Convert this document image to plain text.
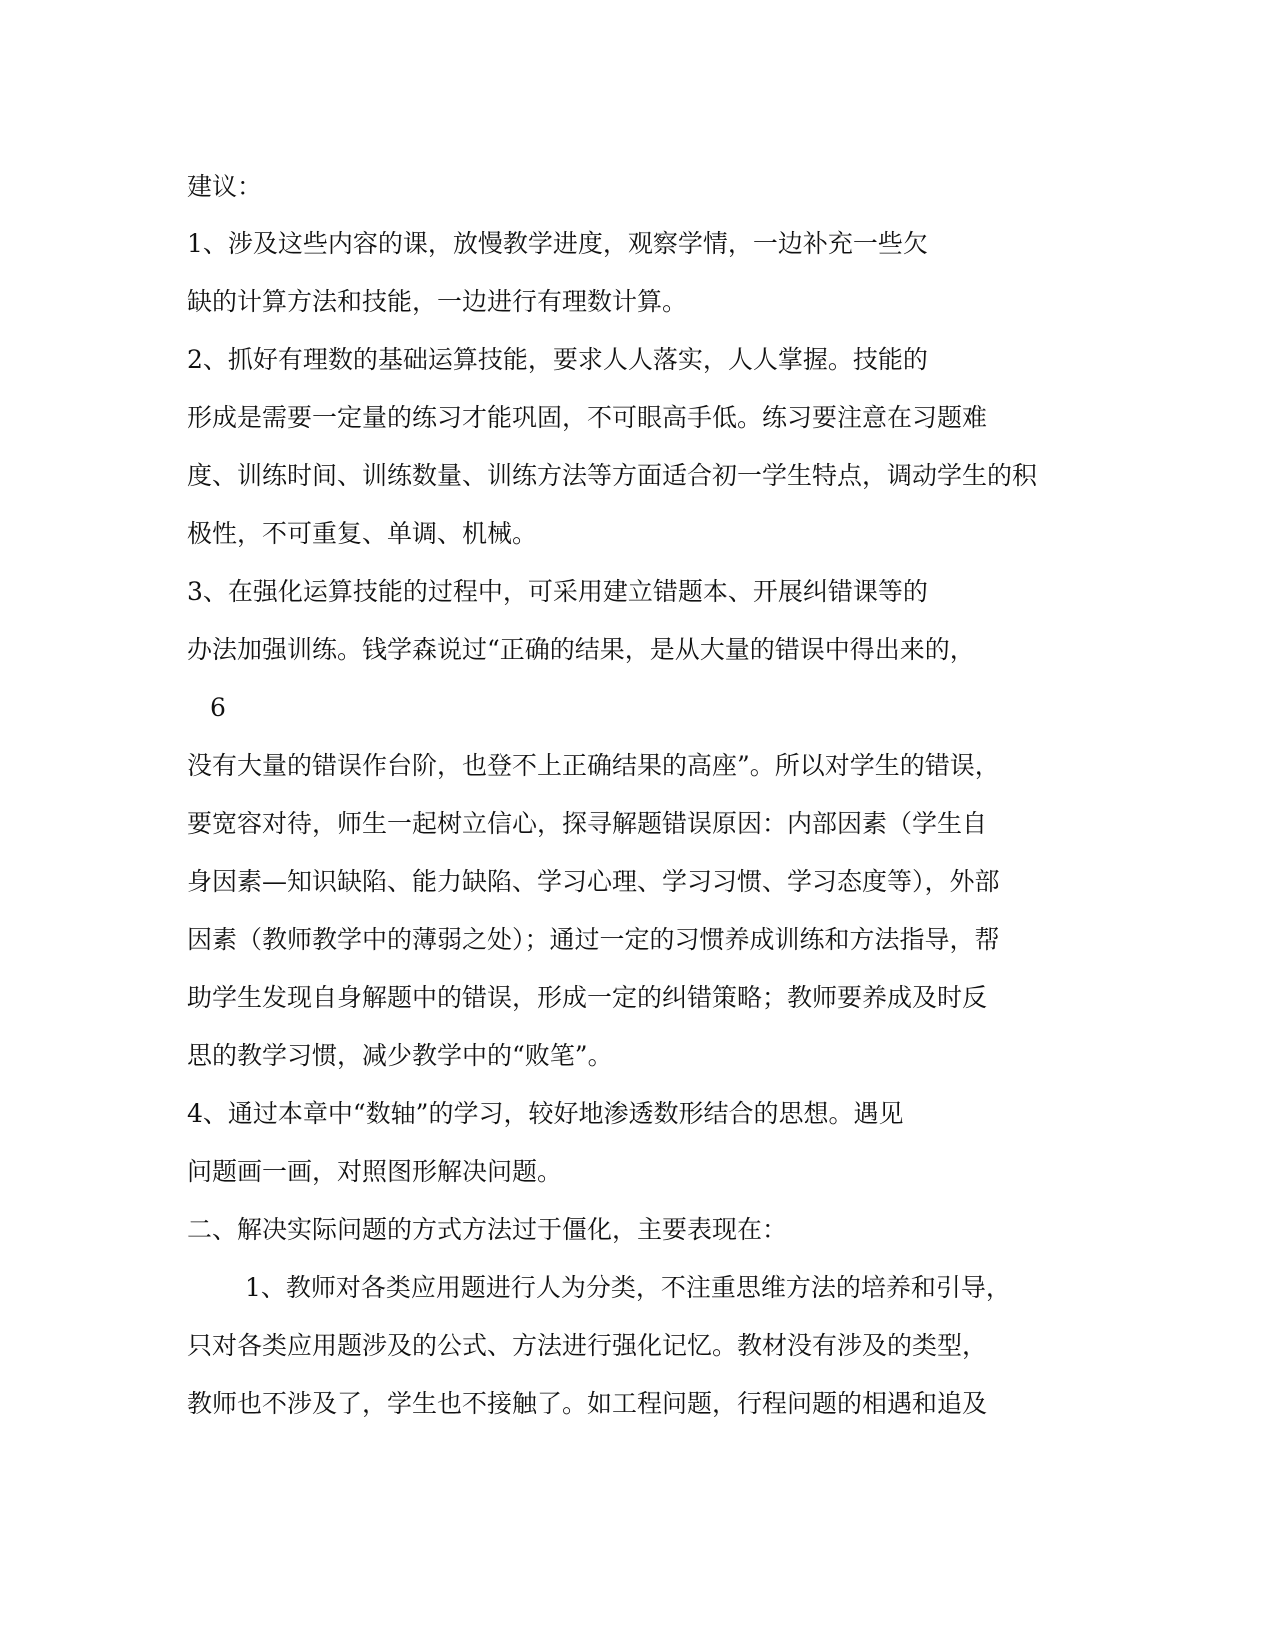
建议：
1、涉及这些内容的课，放慢教学进度，观察学情，一边补充一些欠
缺的计算方法和技能，一边进行有理数计算。
2、抓好有理数的基础运算技能，要求人人落实，人人掌握。技能的
形成是需要一定量的练习才能巩固，不可眼高手低。练习要注意在习题难
度、训练时间、训练数量、训练方法等方面适合初一学生特点，调动学生的积
极性，不可重复、单调、机械。
3、在强化运算技能的过程中，可采用建立错题本、开展纠错课等的
办法加强训练。钱学森说过“正确的结果，是从大量的错误中得出来的，
6
没有大量的错误作台阶，也登不上正确结果的高座”。所以对学生的错误，
要宽容对待，师生一起树立信心，探寻解题错误原因：内部因素（学生自
身因素—知识缺陷、能力缺陷、学习心理、学习习惯、学习态度等），外部
因素（教师教学中的薄弱之处）；通过一定的习惯养成训练和方法指导，帮
助学生发现自身解题中的错误，形成一定的纠错策略；教师要养成及时反
思的教学习惯，减少教学中的“败笔”。
4、通过本章中“数轴”的学习，较好地渗透数形结合的思想。遇见
问题画一画，对照图形解决问题。
二、解决实际问题的方式方法过于僵化，主要表现在：
1、教师对各类应用题进行人为分类，不注重思维方法的培养和引导，
只对各类应用题涉及的公式、方法进行强化记忆。教材没有涉及的类型，
教师也不涉及了，学生也不接触了。如工程问题，行程问题的相遇和追及
